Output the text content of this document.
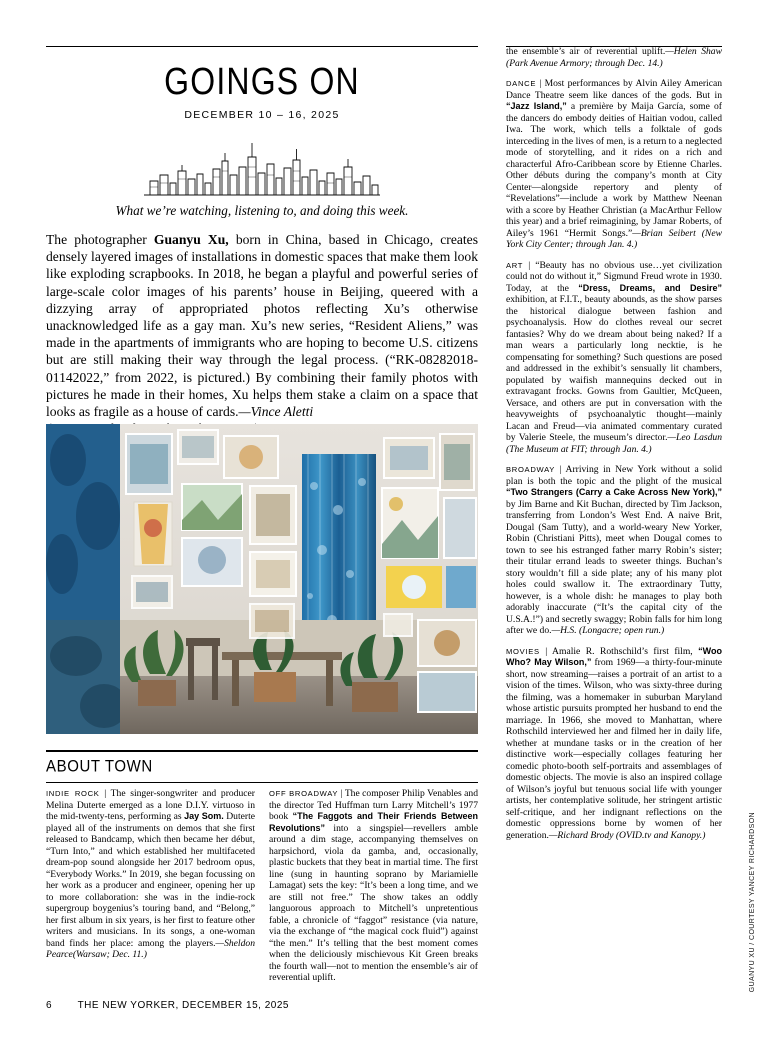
GOINGS ON
DECEMBER 10 – 16, 2025
What we’re watching, listening to, and doing this week.

The photographer Guanyu Xu, born in China, based in Chicago, creates densely layered images of installations in domestic spaces that make them look like exploding scrapbooks. In 2018, he began a playful and powerful series of large-scale color images of his parents’ house in Beijing, queered with a dizzying array of appropriated photos reflecting Xu’s otherwise unacknowledged life as a gay man. Xu’s new series, “Resident Aliens,” was made in the apartments of immigrants who are hoping to become U.S. citizens but are still making their way through the legal process. (“RK-08282018-01142022,” from 2022, is pictured.) By combining their family photos with pictures he made in their homes, Xu helps them stake a claim on a space that looks as fragile as a house of cards.—Vince Aletti

ABOUT TOWN
INDIE ROCK | The singer-songwriter and producer Melina Duterte emerged as a lone D.I.Y. virtuoso in the mid-twenty-tens, performing as Jay Som. Duterte played all of the instruments on demos that she first released to Bandcamp, which then became her début, “Turn Into,” and which established her multifaceted dream-pop sound alongside her 2017 bedroom opus, “Everybody Works.” In 2019, she began focussing on her work as a producer and engineer, opening her up to more collaboration: she was in the indie-rock supergroup boygenius’s touring band, and “Belong,” her first album in six years, is her first to feature other writers and musicians. In its songs, a one-woman band finds her place: among the players.—Sheldon Pearce(Warsaw; Dec. 11.)
OFF BROADWAY | The composer Philip Venables and the director Ted Huffman turn Larry Mitchell’s 1977 book “The Faggots and Their Friends Between Revolutions” into a singspiel—revellers amble around a dim stage, accompanying themselves on harpsichord, viola da gamba, and, occasionally, plastic buckets that they beat in martial time. The first line (sung in haunting soprano by Mariamielle Lamagat) sets the key: “It’s been a long time, and we are still not free.” The show takes an oddly languorous approach to Mitchell’s unpretentious fable, a chronicle of “faggot” resistance (via nature, via the exchange of “the magical cock fluid”) against “the men.” It’s telling that the best moment comes when the deliciously mischievous Kit Green breaks the fourth wall—not to mention the ensemble’s air of reverential uplift.
the ensemble’s air of reverential uplift.—Helen Shaw (Park Avenue Armory; through Dec. 14.)
DANCE | Most performances by Alvin Ailey American Dance Theatre seem like dances of the gods. But in “Jazz Island,” a première by Maija García, some of the dancers do embody deities of Haitian vodou, called Iwa. The work, which tells a folktale of gods interceding in the lives of men, is a return to a neglected mode of storytelling, and it rides on a rich and characterful Afro-Caribbean score by Etienne Charles. Other débuts during the company’s month at City Center—alongside repertory and plenty of “Revelations”—include a work by Matthew Neenan with a score by Heather Christian (a MacArthur Fellow this year) and a brief reimagining, by Jamar Roberts, of Ailey’s 1961 “Hermit Songs.”—Brian Seibert (New York City Center; through Jan. 4.)
ART | “Beauty has no obvious use…yet civilization could not do without it,” Sigmund Freud wrote in 1930. Today, at the “Dress, Dreams, and Desire” exhibition, at F.I.T., beauty abounds, as the show parses the historical dialogue between fashion and psychoanalysis. How do clothes reveal our secret fantasies? Why do we dream about being naked? If a man wears a particularly long necktie, is he compensating for something? Such questions are posed and addressed in the exhibit’s sensually lit chambers, populated by waifish mannequins decked out in extravagant frocks. Gowns from Gaultier, McQueen, Versace, and others are put in conversation with the heavyweights of psychoanalytic thought—mainly Lacan and Freud—via animated commentary curated by Valerie Steele, the museum’s director.—Leo Lasdun (The Museum at FIT; through Jan. 4.)
BROADWAY | Arriving in New York without a solid plan is both the topic and the plight of the musical “Two Strangers (Carry a Cake Across New York),” by Jim Barne and Kit Buchan, directed by Tim Jackson, transferring from London’s West End. A naive Brit, Dougal (Sam Tutty), and a world-weary New Yorker, Robin (Christiani Pitts), meet when Dougal comes to town to see his estranged father marry Robin’s sister; their titular errand leads to sweeter things. Buchan’s story wouldn’t fill a side plate; any of his many plot holes could swallow it. The extraordinary Tutty, however, is a whole dish: he manages to play both adorably inaccurate (“It’s the capital city of the U.S.A.!”) and secretly swaggy; Robin falls for him long after we do.—H.S. (Longacre; open run.)
MOVIES | Amalie R. Rothschild’s first film, “Woo Who? May Wilson,” from 1969—a thirty-four-minute short, now streaming—raises a portrait of an artist to a vision of the times. Wilson, who was sixty-three during the filming, was a homemaker in suburban Maryland whose artistic pursuits prompted her husband to end the marriage. In 1966, she moved to Manhattan, where Rothschild interviewed her and filmed her in daily life, whether at mundane tasks or in the creation of her distinctive work—especially collages featuring her comedic photo-booth self-portraits and assemblages of domestic objects. The movie is also an inspired collage of Wilson’s joyful but tenuous social life with younger artists, her contemplative solitude, her stringent artistic self-critique, and her indignant reflections on the domestic oppressions borne by women of her generation.—Richard Brody (OVID.tv and Kanopy.)	GUANYU XU / COURTESY YANCEY RICHARDSON
6	THE NEW YORKER, DECEMBER 15, 2025
